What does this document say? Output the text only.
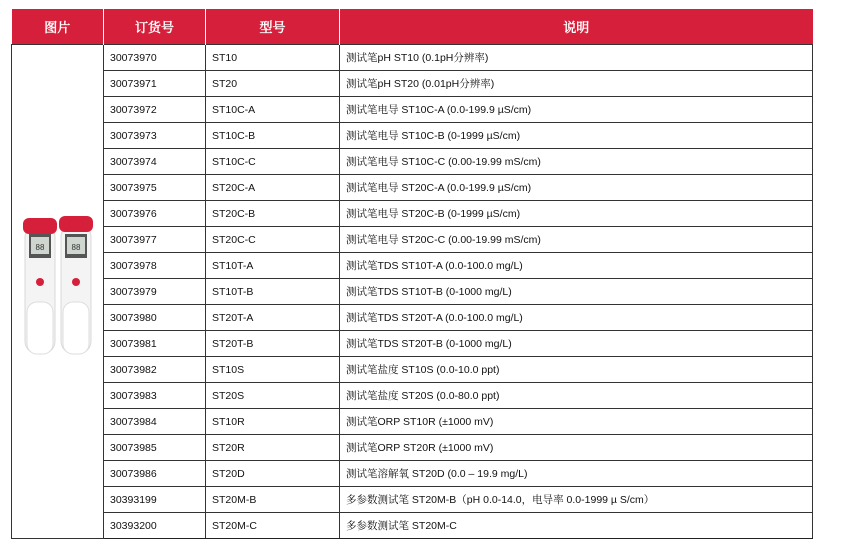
图片	订货号	型号	说明

88 88	30073970	ST10	测试笔pH ST10 (0.1pH分辨率)
	30073971	ST20	测试笔pH ST20 (0.01pH分辨率)
	30073972	ST10C-A	测试笔电导 ST10C-A (0.0-199.9 µS/cm)
	30073973	ST10C-B	测试笔电导 ST10C-B (0-1999 µS/cm)
	30073974	ST10C-C	测试笔电导 ST10C-C (0.00-19.99 mS/cm)
	30073975	ST20C-A	测试笔电导 ST20C-A (0.0-199.9 µS/cm)
	30073976	ST20C-B	测试笔电导 ST20C-B (0-1999 µS/cm)
	30073977	ST20C-C	测试笔电导 ST20C-C (0.00-19.99 mS/cm)
	30073978	ST10T-A	测试笔TDS ST10T-A (0.0-100.0 mg/L)
	30073979	ST10T-B	测试笔TDS ST10T-B (0-1000 mg/L)
	30073980	ST20T-A	测试笔TDS ST20T-A (0.0-100.0 mg/L)
	30073981	ST20T-B	测试笔TDS ST20T-B (0-1000 mg/L)
	30073982	ST10S	测试笔盐度 ST10S (0.0-10.0 ppt)
	30073983	ST20S	测试笔盐度 ST20S (0.0-80.0 ppt)
	30073984	ST10R	测试笔ORP ST10R (±1000 mV)
	30073985	ST20R	测试笔ORP ST20R (±1000 mV)
	30073986	ST20D	测试笔溶解氧 ST20D (0.0 – 19.9 mg/L)
	30393199	ST20M-B	多参数测试笔 ST20M-B（pH 0.0-14.0，电导率 0.0-1999 µ S/cm）
	30393200	ST20M-C	多参数测试笔 ST20M-C
